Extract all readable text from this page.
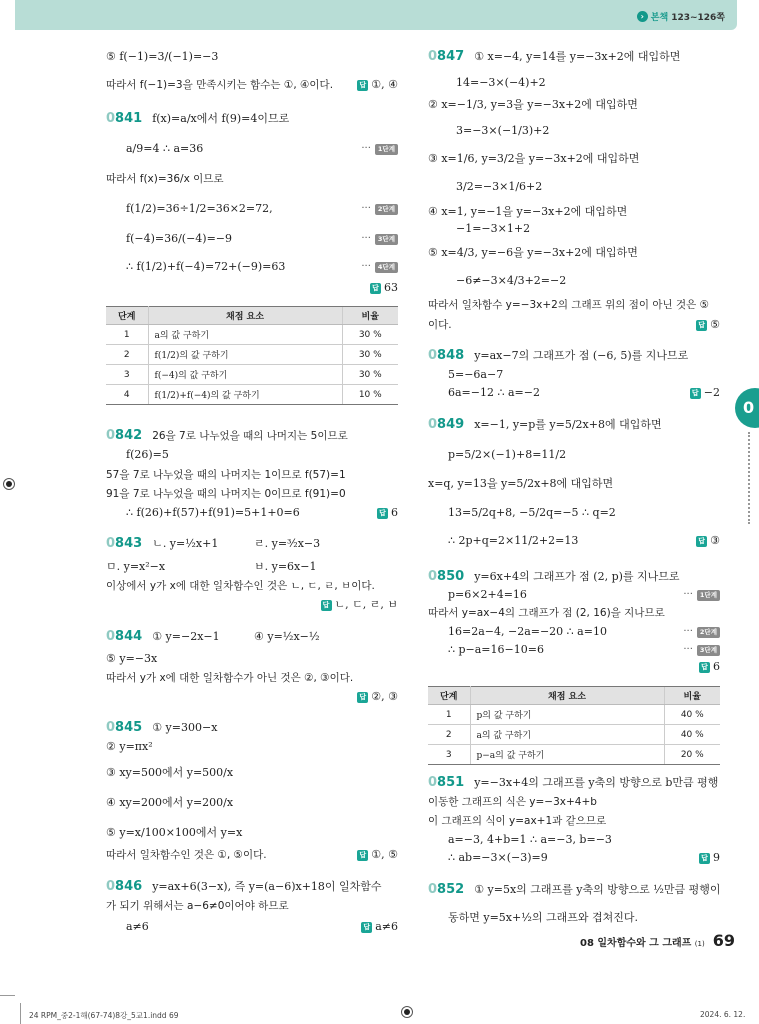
› 본책 123~126쪽
⑤ f(−1)=3/(−1)=−3
따라서 f(−1)=3을 만족시키는 함수는 ①, ④이다.	답 ①, ④
0841 f(x)=a/x에서 f(9)=4이므로
a/9=4 ∴ a=36	···	1단계
따라서 f(x)=36/x 이므로
f(1/2)=36÷1/2=36×2=72,	···	2단계
f(−4)=36/(−4)=−9	···	3단계
∴ f(1/2)+f(−4)=72+(−9)=63	···	4단계
답 63
단계	채점 요소	비율
1	a의 값 구하기	30 %
2	f(1/2)의 값 구하기	30 %
3	f(−4)의 값 구하기	30 %
4	f(1/2)+f(−4)의 값 구하기	10 %
0842 26을 7로 나누었을 때의 나머지는 5이므로
f(26)=5
57을 7로 나누었을 때의 나머지는 1이므로 f(57)=1
91을 7로 나누었을 때의 나머지는 0이므로 f(91)=0
∴ f(26)+f(57)+f(91)=5+1+0=6	답 6
0843 ㄴ. y=½x+1	ㄹ. y=³⁄₂x−3
ㅁ. y=x²−x	ㅂ. y=6x−1
이상에서 y가 x에 대한 일차함수인 것은 ㄴ, ㄷ, ㄹ, ㅂ이다.
답 ㄴ, ㄷ, ㄹ, ㅂ
0844 ① y=−2x−1	④ y=½x−½
⑤ y=−3x
따라서 y가 x에 대한 일차함수가 아닌 것은 ②, ③이다.
답 ②, ③
0845 ① y=300−x
② y=πx²
③ xy=500에서 y=500/x
④ xy=200에서 y=200/x
⑤ y=x/100×100에서 y=x
따라서 일차함수인 것은 ①, ⑤이다.	답 ①, ⑤
0846 y=ax+6(3−x), 즉 y=(a−6)x+18이 일차함수
가 되기 위해서는 a−6≠0이어야 하므로
a≠6	답 a≠6
0847 ① x=−4, y=14를 y=−3x+2에 대입하면
14=−3×(−4)+2
② x=−1/3, y=3을 y=−3x+2에 대입하면
3=−3×(−1/3)+2
③ x=1/6, y=3/2을 y=−3x+2에 대입하면
3/2=−3×1/6+2
④ x=1, y=−1을 y=−3x+2에 대입하면
−1=−3×1+2
⑤ x=4/3, y=−6을 y=−3x+2에 대입하면
−6≠−3×4/3+2=−2
따라서 일차함수 y=−3x+2의 그래프 위의 점이 아닌 것은 ⑤
이다.	답 ⑤
0848 y=ax−7의 그래프가 점 (−6, 5)를 지나므로
5=−6a−7
6a=−12 ∴ a=−2	답 −2
0849 x=−1, y=p를 y=5/2x+8에 대입하면
p=5/2×(−1)+8=11/2
x=q, y=13을 y=5/2x+8에 대입하면
13=5/2q+8, −5/2q=−5 ∴ q=2
∴ 2p+q=2×11/2+2=13	답 ③
0850 y=6x+4의 그래프가 점 (2, p)를 지나므로
p=6×2+4=16	···	1단계
따라서 y=ax−4의 그래프가 점 (2, 16)을 지나므로
16=2a−4, −2a=−20 ∴ a=10	···	2단계
∴ p−a=16−10=6	···	3단계
답 6
단계	채점 요소	비율
1	p의 값 구하기	40 %
2	a의 값 구하기	40 %
3	p−a의 값 구하기	20 %
0851 y=−3x+4의 그래프를 y축의 방향으로 b만큼 평행
이동한 그래프의 식은 y=−3x+4+b
이 그래프의 식이 y=ax+1과 같으므로
a=−3, 4+b=1 ∴ a=−3, b=−3
∴ ab=−3×(−3)=9	답 9
0852 ① y=5x의 그래프를 y축의 방향으로 ½만큼 평행이
동하면 y=5x+½의 그래프와 겹쳐진다.
0
08 일차함수와 그 그래프 (1) 69
24 RPM_중2-1해(67-74)8강_5교1.indd 69	2024. 6. 12.
